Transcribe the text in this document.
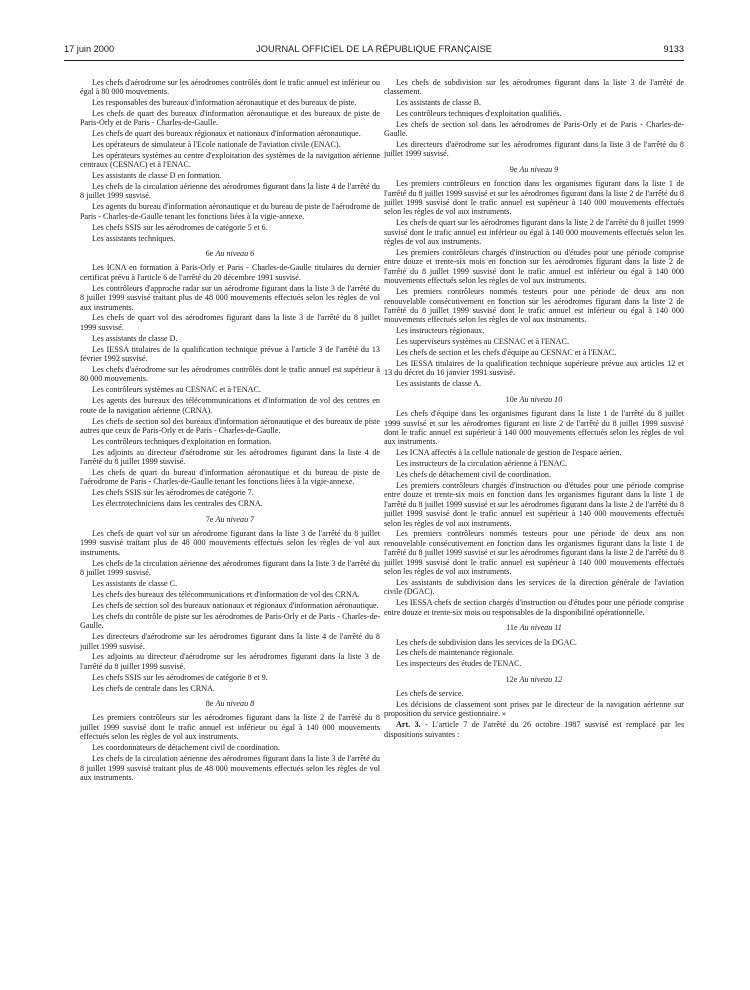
17 juin 2000	JOURNAL OFFICIEL DE LA RÉPUBLIQUE FRANÇAISE	9133

Les chefs d'aérodrome sur les aérodromes contrôlés dont le trafic annuel est inférieur ou égal à 80 000 mouvements.

Les responsables des bureaux d'information aéronautique et des bureaux de piste.

Les chefs de quart des bureaux d'information aéronautique et des bureaux de piste de Paris-Orly et de Paris - Charles-de-Gaulle.

Les chefs de quart des bureaux régionaux et nationaux d'information aéronautique.

Les opérateurs de simulateur à l'Ecole nationale de l'aviation civile (ENAC).

Les opérateurs systèmes au centre d'exploitation des systèmes de la navigation aérienne centraux (CESNAC) et à l'ENAC.

Les assistants de classe D en formation.

Les chefs de la circulation aérienne des aérodromes figurant dans la liste 4 de l'arrêté du 8 juillet 1999 susvisé.

Les agents du bureau d'information aéronautique et du bureau de piste de l'aérodrome de Paris - Charles-de-Gaulle tenant les fonctions liées à la vigie-annexe.

Les chefs SSIS sur les aérodromes de catégorie 5 et 6.

Les assistants techniques.

6e Au niveau 6

Les ICNA en formation à Paris-Orly et Paris - Charles-de-Gaulle titulaires du dernier certificat prévu à l'article 6 de l'arrêté du 20 décembre 1991 susvisé.

Les contrôleurs d'approche radar sur un aérodrome figurant dans la liste 3 de l'arrêté du 8 juillet 1999 susvisé traitant plus de 48 000 mouvements effectués selon les règles de vol aux instruments.

Les chefs de quart vol des aérodromes figurant dans la liste 3 de l'arrêté du 8 juillet 1999 susvisé.

Les assistants de classe D.

Les IESSA titulaires de la qualification technique prévue à l'article 3 de l'arrêté du 13 février 1992 susvisé.

Les chefs d'aérodrome sur les aérodromes contrôlés dont le trafic annuel est supérieur à 80 000 mouvements.

Les contrôleurs systèmes au CESNAC et à l'ENAC.

Les agents des bureaux des télécommunications et d'information de vol des centres en route de la navigation aérienne (CRNA).

Les chefs de section sol des bureaux d'information aéronautique et des bureaux de piste autres que ceux de Paris-Orly et de Paris - Charles-de-Gaulle.

Les contrôleurs techniques d'exploitation en formation.

Les adjoints au directeur d'aérodrome sur les aérodromes figurant dans la liste 4 de l'arrêté du 8 juillet 1999 susvisé.

Les chefs de quart du bureau d'information aéronautique et du bureau de piste de l'aérodrome de Paris - Charles-de-Gaulle tenant les fonctions liées à la vigie-annexe.

Les chefs SSIS sur les aérodromes de catégorie 7.

Les électrotechniciens dans les centrales des CRNA.

7e Au niveau 7

Les chefs de quart vol sur un aérodrome figurant dans la liste 3 de l'arrêté du 8 juillet 1999 susvisé traitant plus de 48 000 mouvements effectués selon les règles de vol aux instruments.

Les chefs de la circulation aérienne des aérodromes figurant dans la liste 3 de l'arrêté du 8 juillet 1999 susvisé.

Les assistants de classe C.

Les chefs des bureaux des télécommunications et d'information de vol des CRNA.

Les chefs de section sol des bureaux nationaux et régionaux d'information aéronautique.

Les chefs du contrôle de piste sur les aérodromes de Paris-Orly et de Paris - Charles-de-Gaulle.

Les directeurs d'aérodrome sur les aérodromes figurant dans la liste 4 de l'arrêté du 8 juillet 1999 susvisé.

Les adjoints au directeur d'aérodrome sur les aérodromes figurant dans la liste 3 de l'arrêté du 8 juillet 1999 susvisé.

Les chefs SSIS sur les aérodromes de catégorie 8 et 9.

Les chefs de centrale dans les CRNA.

8e Au niveau 8

Les premiers contrôleurs sur les aérodromes figurant dans la liste 2 de l'arrêté du 8 juillet 1999 susvisé dont le trafic annuel est inférieur ou égal à 140 000 mouvements effectués selon les règles de vol aux instruments.

Les coordonnateurs de détachement civil de coordination.

Les chefs de la circulation aérienne des aérodromes figurant dans la liste 3 de l'arrêté du 8 juillet 1999 susvisé traitant plus de 48 000 mouvements effectués selon les règles de vol aux instruments.

Les chefs de subdivision sur les aérodromes figurant dans la liste 3 de l'arrêté de classement.

Les assistants de classe B.

Les contrôleurs techniques d'exploitation qualifiés.

Les chefs de section sol dans les aérodromes de Paris-Orly et de Paris - Charles-de-Gaulle.

Les directeurs d'aérodrome sur les aérodromes figurant dans la liste 3 de l'arrêté du 8 juillet 1999 susvisé.

9e Au niveau 9

Les premiers contrôleurs en fonction dans les organismes figurant dans la liste 1 de l'arrêté du 8 juillet 1999 susvisé et sur les aérodromes figurant dans la liste 2 de l'arrêté du 8 juillet 1999 susvisé dont le trafic annuel est supérieur à 140 000 mouvements effectués selon les règles de vol aux instruments.

Les chefs de quart sur les aérodromes figurant dans la liste 2 de l'arrêté du 8 juillet 1999 susvisé dont le trafic annuel est inférieur ou égal à 140 000 mouvements effectués selon les règles de vol aux instruments.

Les premiers contrôleurs chargés d'instruction ou d'études pour une période comprise entre douze et trente-six mois en fonction sur les aérodromes figurant dans la liste 2 de l'arrêté du 8 juillet 1999 susvisé dont le trafic annuel est inférieur ou égal à 140 000 mouvements effectués selon les règles de vol aux instruments.

Les premiers contrôleurs nommés testeurs pour une période de deux ans non renouvelable consécutivement en fonction sur les aérodromes figurant dans la liste 2 de l'arrêté du 8 juillet 1999 susvisé dont le trafic annuel est inférieur ou égal à 140 000 mouvements effectués selon les règles de vol aux instruments.

Les instructeurs régionaux.

Les superviseurs systèmes au CESNAC et à l'ENAC.

Les chefs de section et les chefs d'équipe au CESNAC et à l'ENAC.

Les IESSA titulaires de la qualification technique supérieure prévue aux articles 12 et 13 du décret du 16 janvier 1991 susvisé.

Les assistants de classe A.

10e Au niveau 10

Les chefs d'équipe dans les organismes figurant dans la liste 1 de l'arrêté du 8 juillet 1999 susvisé et sur les aérodromes figurant en liste 2 de l'arrêté du 8 juillet 1999 susvisé dont le trafic annuel est supérieur à 140 000 mouvements effectués selon les règles de vol aux instruments.

Les ICNA affectés à la cellule nationale de gestion de l'espace aérien.

Les instructeurs de la circulation aérienne à l'ENAC.

Les chefs de détachement civil de coordination.

Les premiers contrôleurs chargés d'instruction ou d'études pour une période comprise entre douze et trente-six mois en fonction dans les organismes figurant dans la liste 1 de l'arrêté du 8 juillet 1999 susvisé et sur les aérodromes figurant dans la liste 2 de l'arrêté du 8 juillet 1999 susvisé dont le trafic annuel est supérieur à 140 000 mouvements effectués selon les règles de vol aux instruments.

Les premiers contrôleurs nommés testeurs pour une période de deux ans non renouvelable consécutivement en fonction dans les organismes figurant dans la liste 1 de l'arrêté du 8 juillet 1999 susvisé et sur les aérodromes figurant dans la liste 2 de l'arrêté du 8 juillet 1999 susvisé dont le trafic annuel est supérieur à 140 000 mouvements effectués selon les règles de vol aux instruments.

Les assistants de subdivision dans les services de la direction générale de l'aviation civile (DGAC).

Les IESSA chefs de section chargés d'instruction ou d'études pour une période comprise entre douze et trente-six mois ou responsables de la disponibilité opérationnelle.

11e Au niveau 11

Les chefs de subdivision dans les services de la DGAC.

Les chefs de maintenance régionale.

Les inspecteurs des études de l'ENAC.

12e Au niveau 12

Les chefs de service.

Les décisions de classement sont prises par le directeur de la navigation aérienne sur proposition du service gestionnaire. »

Art. 3. - L'article 7 de l'arrêté du 26 octobre 1987 susvisé est remplacé par les dispositions suivantes :
